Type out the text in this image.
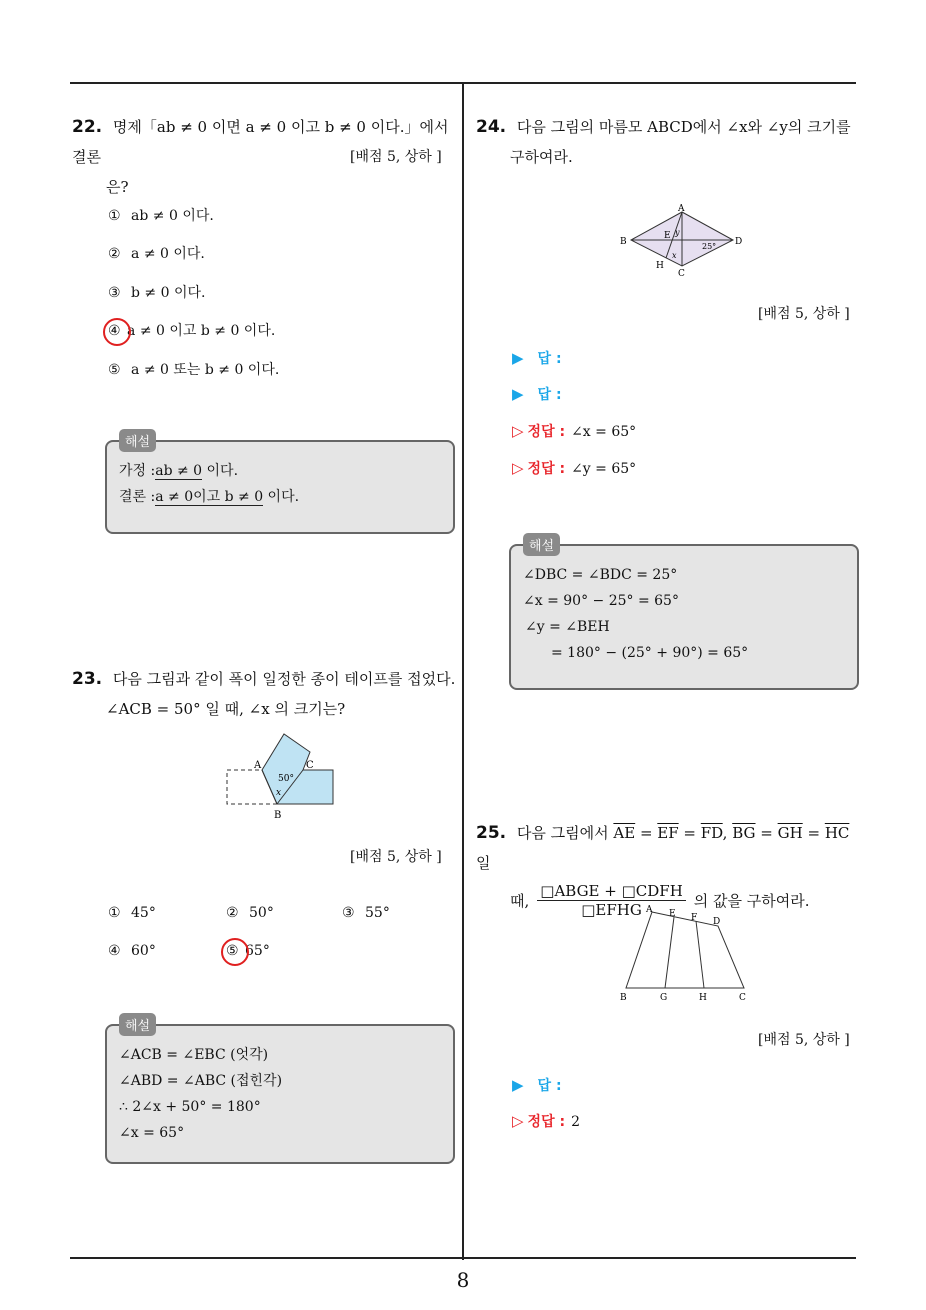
8
22. 명제「ab ≠ 0 이면 a ≠ 0 이고 b ≠ 0 이다.」에서 결론
은?
[배점 5, 상하 ]
① ab ≠ 0 이다.
② a ≠ 0 이다.
③ b ≠ 0 이다.
④ a ≠ 0 이고 b ≠ 0 이다.
⑤ a ≠ 0 또는 b ≠ 0 이다.
해설
가정 :ab ≠ 0 이다.
결론 :a ≠ 0이고 b ≠ 0 이다.
23. 다음 그림과 같이 폭이 일정한 종이 테이프를 접었다.
∠ACB = 50° 일 때, ∠x 의 크기는?
A	C
B
50°
x
[배점 5, 상하 ]
① 45°	② 50°	③ 55°
④ 60°	⑤ 65°
해설
∠ACB = ∠EBC (엇각)
∠ABD = ∠ABC (접힌각)
∴ 2∠x + 50° = 180°
∠x = 65°
24. 다음 그림의 마름모 ABCD에서 ∠x와 ∠y의 크기를
구하여라.
A
B
C
D
E
H
y
x
25°
[배점 5, 상하 ]
▶ 답 :
▶ 답 :
▷ 정답 : ∠x = 65°
▷ 정답 : ∠y = 65°
해설
∠DBC = ∠BDC = 25°
∠x = 90° − 25° = 65°
∠y = ∠BEH
= 180° − (25° + 90°) = 65°
25. 다음 그림에서 $\overline{AE} = \overline{EF} = \overline{FD}$, $\overline{BG} = \overline{GH} = \overline{HC}$ 일
때,
□ABGE + □CDFH
□EFHG
의 값을 구하여라.
A E F D
B	G	H	C
[배점 5, 상하 ]
▶ 답 :
▷ 정답 : 2
